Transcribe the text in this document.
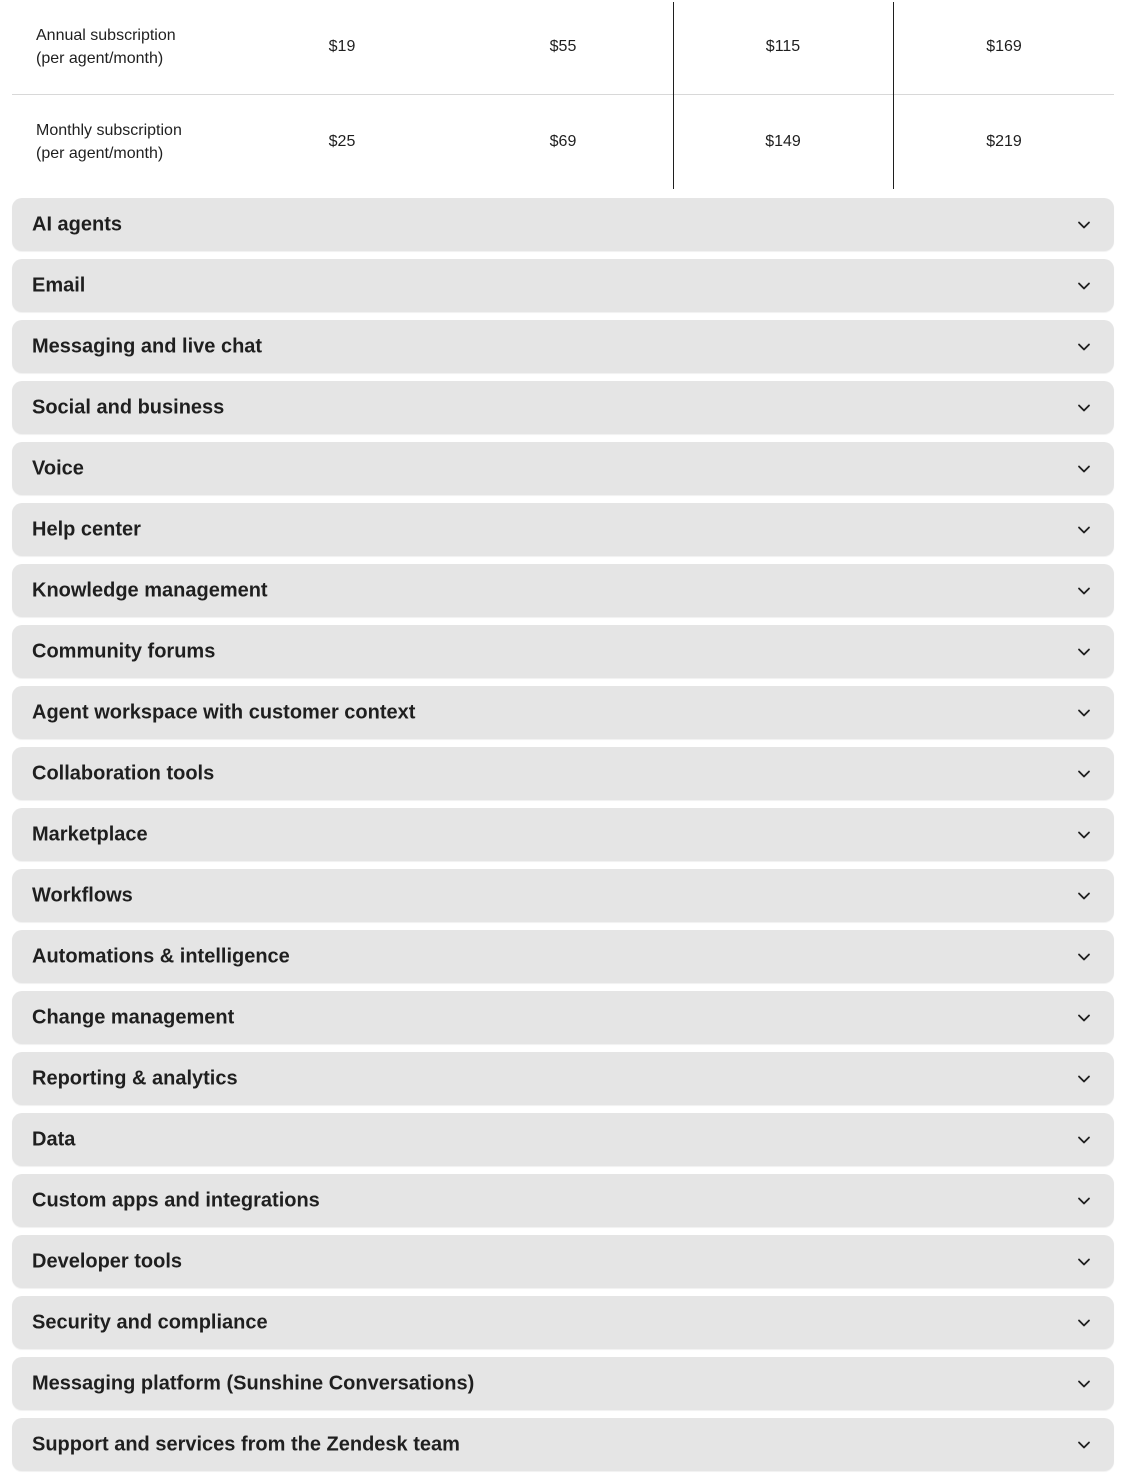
Annual subscription
(per agent/month)
$19	$55	$115	$169
Monthly subscription
(per agent/month)
$25	$69	$149	$219
AI agents
Email
Messaging and live chat
Social and business
Voice
Help center
Knowledge management
Community forums
Agent workspace with customer context
Collaboration tools
Marketplace
Workflows
Automations & intelligence
Change management
Reporting & analytics
Data
Custom apps and integrations
Developer tools
Security and compliance
Messaging platform (Sunshine Conversations)
Support and services from the Zendesk team
